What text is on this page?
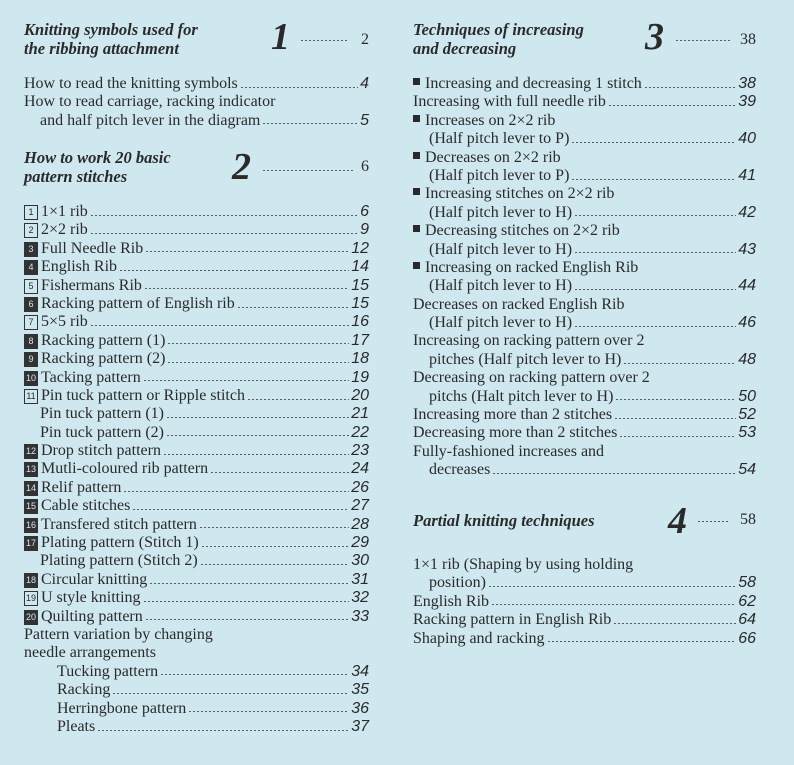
Knitting symbols used for
the ribbing attachment	1	2
How to read the knitting symbols	4
How to read carriage, racking indicator
and half pitch lever in the diagram	5
How to work 20 basic
pattern stitches	2	6
1 1×1 rib	6
2 2×2 rib	9
3 Full Needle Rib	12
4 English Rib	14
5 Fishermans Rib	15
6 Racking pattern of English rib	15
7 5×5 rib	16
8 Racking pattern (1)	17
9 Racking pattern (2)	18
10 Tacking pattern	19
11 Pin tuck pattern or Ripple stitch	20
Pin tuck pattern (1)	21
Pin tuck pattern (2)	22
12 Drop stitch pattern	23
13 Mutli-coloured rib pattern	24
14 Relif pattern	26
15 Cable stitches	27
16 Transfered stitch pattern	28
17 Plating pattern (Stitch 1)	29
Plating pattern (Stitch 2)	30
18 Circular knitting	31
19 U style knitting	32
20 Quilting pattern	33
Pattern variation by changing
needle arrangements
Tucking pattern	34
Racking	35
Herringbone pattern	36
Pleats	37
Techniques of increasing
and decreasing	3	38
Increasing and decreasing 1 stitch	38
Increasing with full needle rib	39
Increases on 2×2 rib
(Half pitch lever to P)	40
Decreases on 2×2 rib
(Half pitch lever to P)	41
Increasing stitches on 2×2 rib
(Half pitch lever to H)	42
Decreasing stitches on 2×2 rib
(Half pitch lever to H)	43
Increasing on racked English Rib
(Half pitch lever to H)	44
Decreases on racked English Rib
(Half pitch lever to H)	46
Increasing on racking pattern over 2
pitches (Half pitch lever to H)	48
Decreasing on racking pattern over 2
pitchs (Halt pitch lever to H)	50
Increasing more than 2 stitches	52
Decreasing more than 2 stitches	53
Fully-fashioned increases and
decreases	54
Partial knitting techniques 4	58
1×1 rib (Shaping by using holding
position)	58
English Rib	62
Racking pattern in English Rib	64
Shaping and racking	66
